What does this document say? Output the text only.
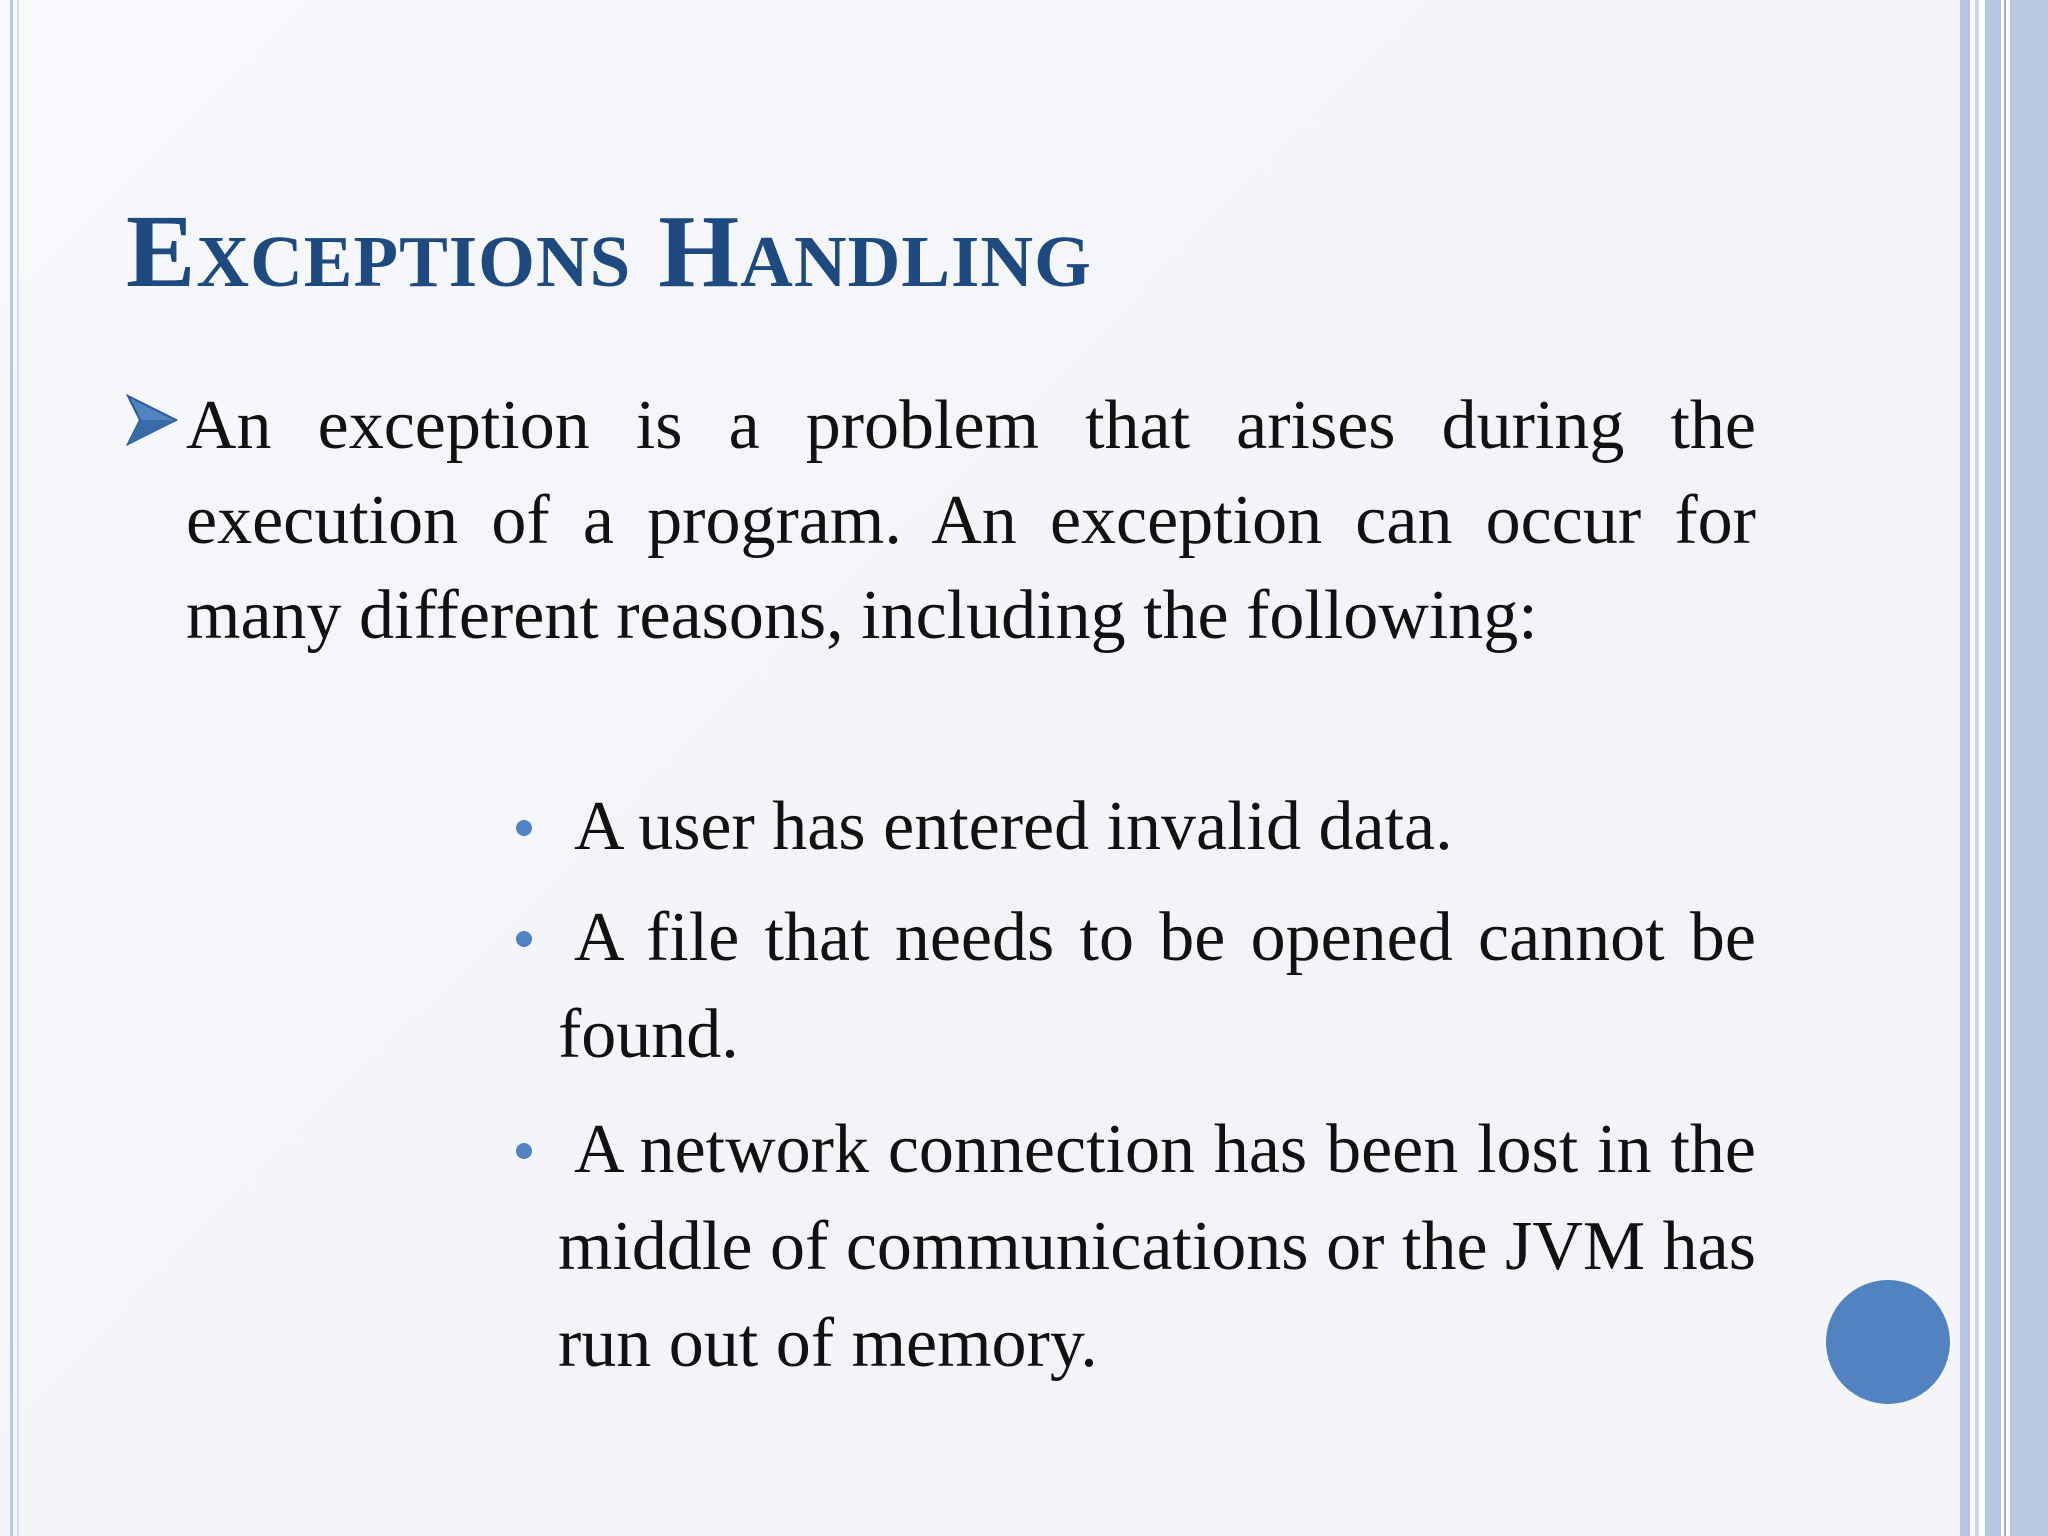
Exceptions Handling

An exception is a problem that arises during the execution of a program. An exception can occur for many different reasons, including the following:

A user has entered invalid data.
A file that needs to be opened cannot be found.
A network connection has been lost in the middle of communications or the JVM has run out of memory.
